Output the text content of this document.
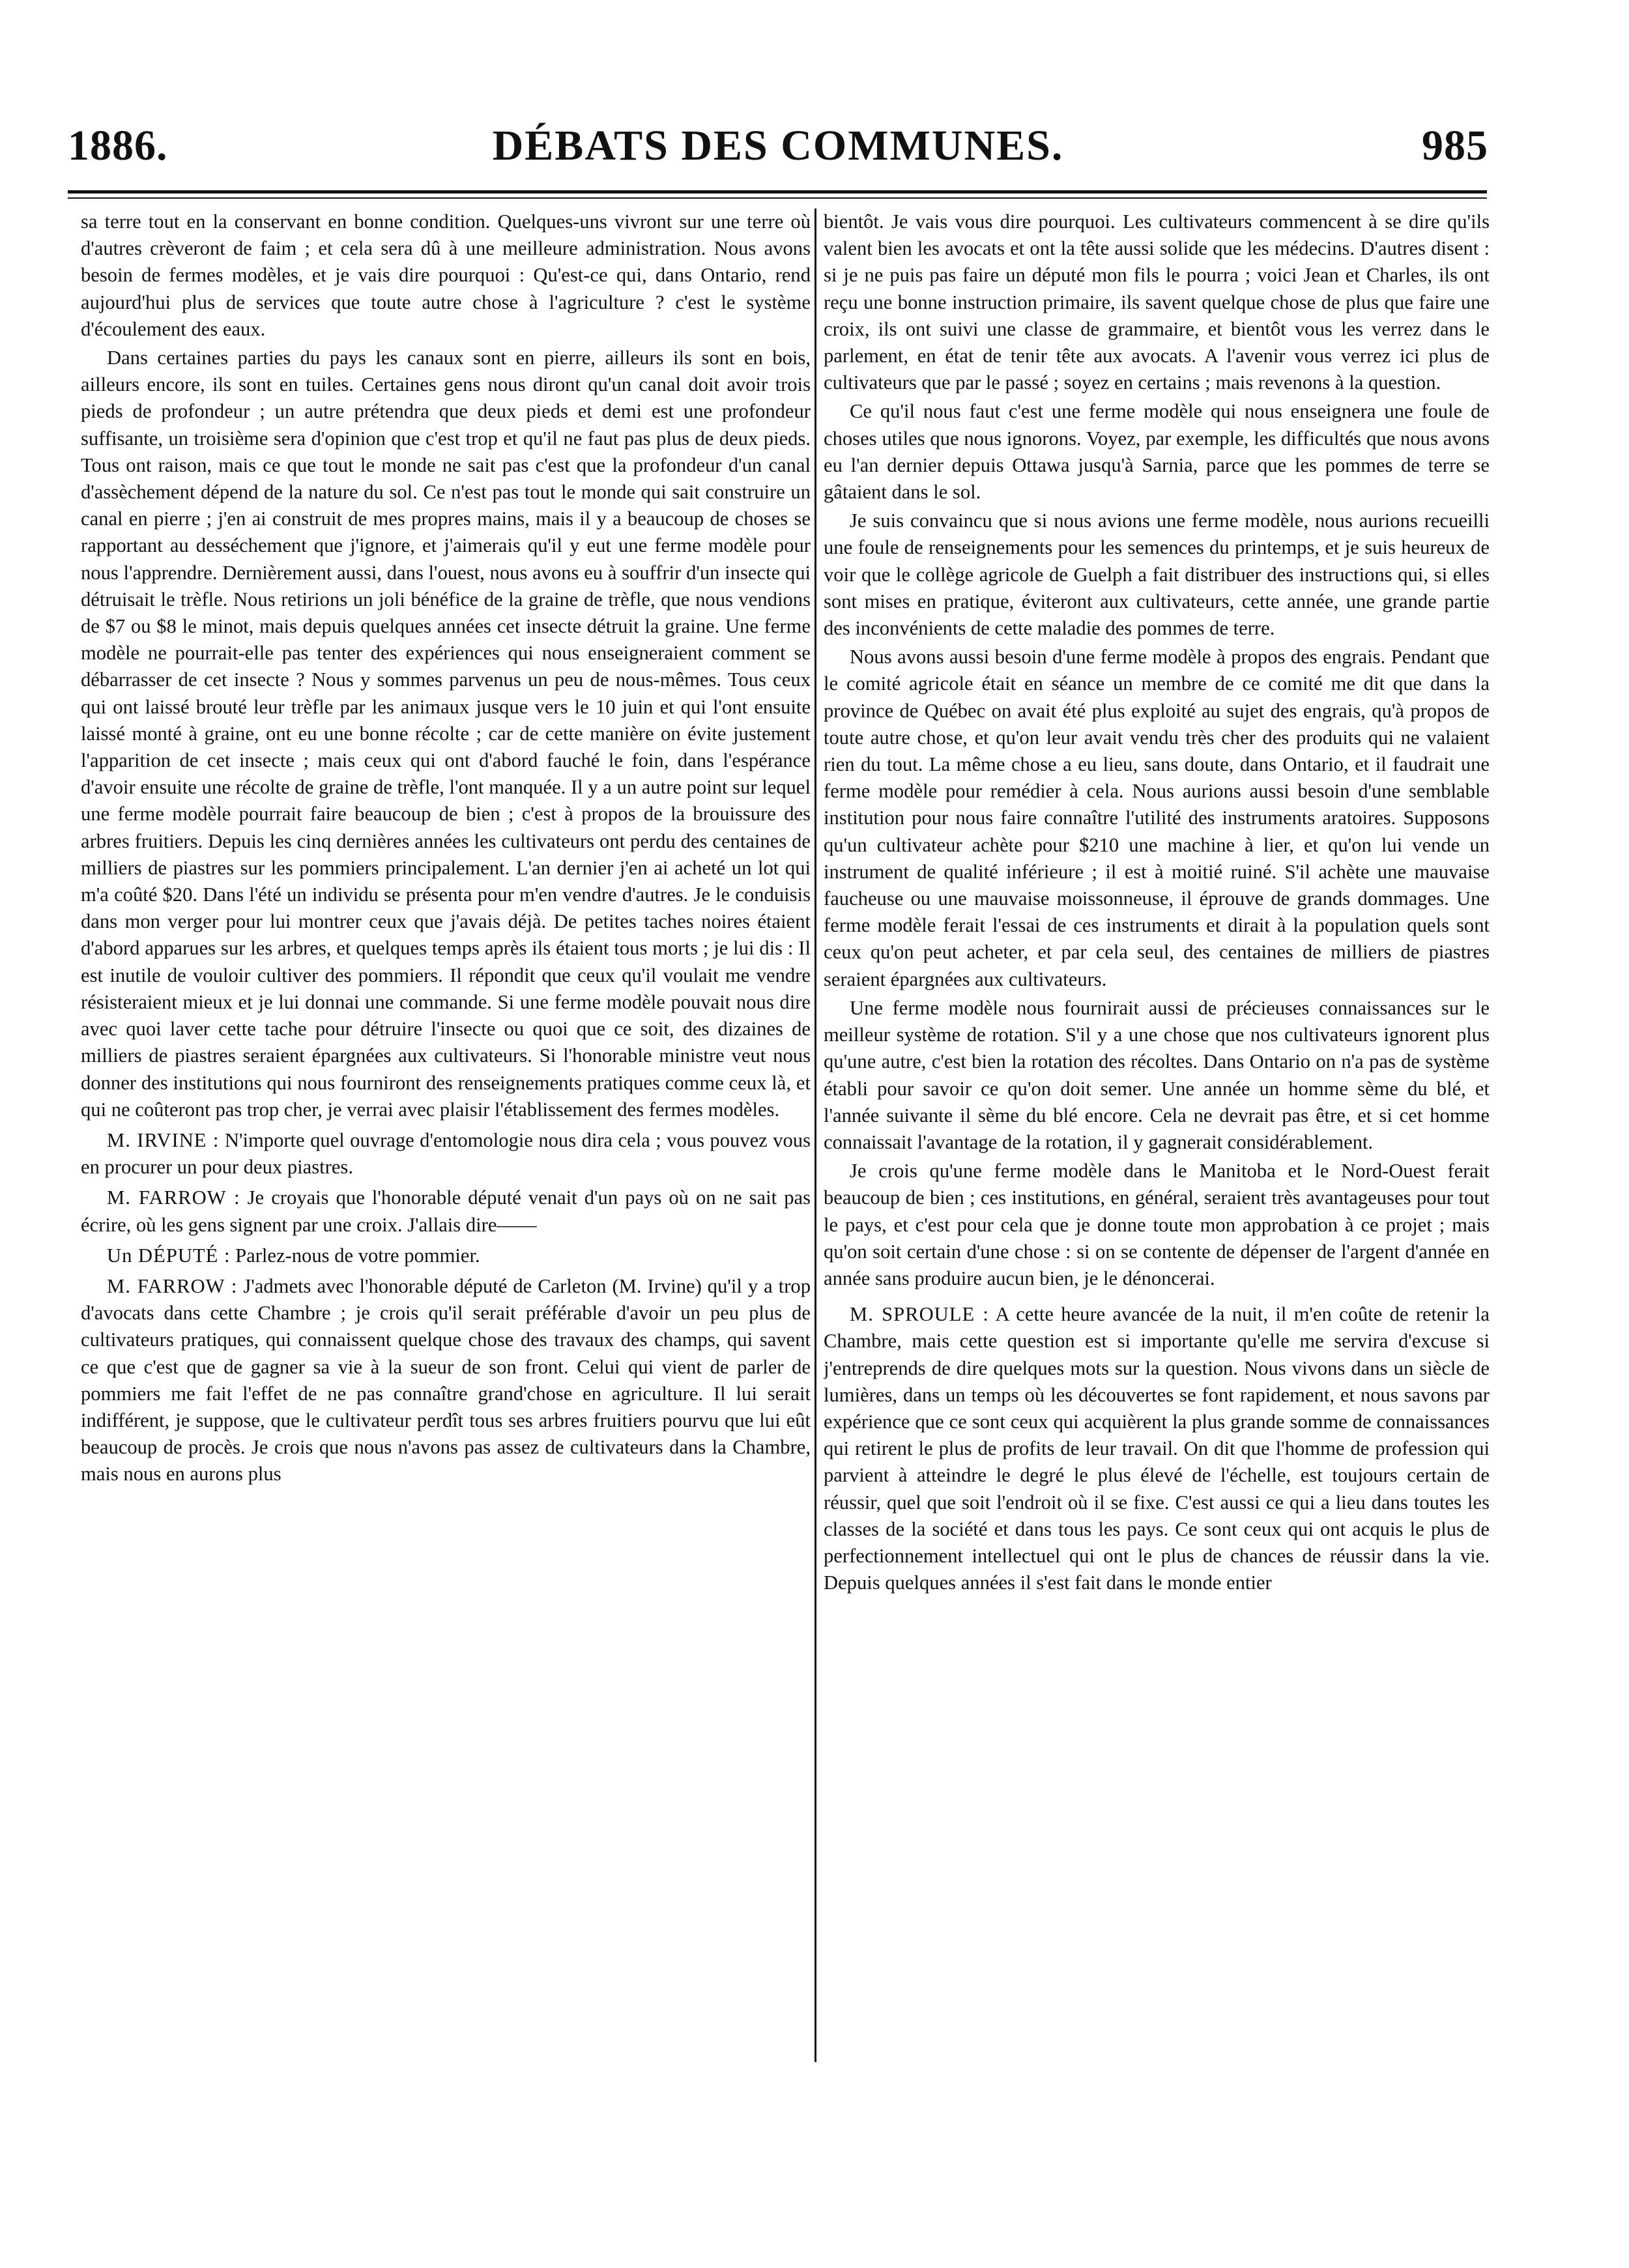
1886.	DÉBATS DES COMMUNES.	985

sa terre tout en la conservant en bonne condition. Quelques-uns vivront sur une terre où d'autres crèveront de faim ; et cela sera dû à une meilleure administration. Nous avons besoin de fermes modèles, et je vais dire pourquoi : Qu'est-ce qui, dans Ontario, rend aujourd'hui plus de services que toute autre chose à l'agriculture ? c'est le système d'écoulement des eaux.

Dans certaines parties du pays les canaux sont en pierre, ailleurs ils sont en bois, ailleurs encore, ils sont en tuiles. Certaines gens nous diront qu'un canal doit avoir trois pieds de profondeur ; un autre prétendra que deux pieds et demi est une profondeur suffisante, un troisième sera d'opinion que c'est trop et qu'il ne faut pas plus de deux pieds. Tous ont raison, mais ce que tout le monde ne sait pas c'est que la profondeur d'un canal d'assèchement dépend de la nature du sol. Ce n'est pas tout le monde qui sait construire un canal en pierre ; j'en ai construit de mes propres mains, mais il y a beaucoup de choses se rapportant au desséchement que j'ignore, et j'aimerais qu'il y eut une ferme modèle pour nous l'apprendre. Dernièrement aussi, dans l'ouest, nous avons eu à souffrir d'un insecte qui détruisait le trèfle. Nous retirions un joli bénéfice de la graine de trèfle, que nous vendions de $7 ou $8 le minot, mais depuis quelques années cet insecte détruit la graine. Une ferme modèle ne pourrait-elle pas tenter des expériences qui nous enseigneraient comment se débarrasser de cet insecte ? Nous y sommes parvenus un peu de nous-mêmes. Tous ceux qui ont laissé brouté leur trèfle par les animaux jusque vers le 10 juin et qui l'ont ensuite laissé monté à graine, ont eu une bonne récolte ; car de cette manière on évite justement l'apparition de cet insecte ; mais ceux qui ont d'abord fauché le foin, dans l'espérance d'avoir ensuite une récolte de graine de trèfle, l'ont manquée. Il y a un autre point sur lequel une ferme modèle pourrait faire beaucoup de bien ; c'est à propos de la brouissure des arbres fruitiers. Depuis les cinq dernières années les cultivateurs ont perdu des centaines de milliers de piastres sur les pommiers principalement. L'an dernier j'en ai acheté un lot qui m'a coûté $20. Dans l'été un individu se présenta pour m'en vendre d'autres. Je le conduisis dans mon verger pour lui montrer ceux que j'avais déjà. De petites taches noires étaient d'abord apparues sur les arbres, et quelques temps après ils étaient tous morts ; je lui dis : Il est inutile de vouloir cultiver des pommiers. Il répondit que ceux qu'il voulait me vendre résisteraient mieux et je lui donnai une commande. Si une ferme modèle pouvait nous dire avec quoi laver cette tache pour détruire l'insecte ou quoi que ce soit, des dizaines de milliers de piastres seraient épargnées aux cultivateurs. Si l'honorable ministre veut nous donner des institutions qui nous fourniront des renseignements pratiques comme ceux là, et qui ne coûteront pas trop cher, je verrai avec plaisir l'établissement des fermes modèles.

M. IRVINE : N'importe quel ouvrage d'entomologie nous dira cela ; vous pouvez vous en procurer un pour deux piastres.

M. FARROW : Je croyais que l'honorable député venait d'un pays où on ne sait pas écrire, où les gens signent par une croix. J'allais dire——

Un DÉPUTÉ : Parlez-nous de votre pommier.

M. FARROW : J'admets avec l'honorable député de Carleton (M. Irvine) qu'il y a trop d'avocats dans cette Chambre ; je crois qu'il serait préférable d'avoir un peu plus de cultivateurs pratiques, qui connaissent quelque chose des travaux des champs, qui savent ce que c'est que de gagner sa vie à la sueur de son front. Celui qui vient de parler de pommiers me fait l'effet de ne pas connaître grand'chose en agriculture. Il lui serait indifférent, je suppose, que le cultivateur perdît tous ses arbres fruitiers pourvu que lui eût beaucoup de procès. Je crois que nous n'avons pas assez de cultivateurs dans la Chambre, mais nous en aurons plus

bientôt. Je vais vous dire pourquoi. Les cultivateurs commencent à se dire qu'ils valent bien les avocats et ont la tête aussi solide que les médecins. D'autres disent : si je ne puis pas faire un député mon fils le pourra ; voici Jean et Charles, ils ont reçu une bonne instruction primaire, ils savent quelque chose de plus que faire une croix, ils ont suivi une classe de grammaire, et bientôt vous les verrez dans le parlement, en état de tenir tête aux avocats. A l'avenir vous verrez ici plus de cultivateurs que par le passé ; soyez en certains ; mais revenons à la question.

Ce qu'il nous faut c'est une ferme modèle qui nous enseignera une foule de choses utiles que nous ignorons. Voyez, par exemple, les difficultés que nous avons eu l'an dernier depuis Ottawa jusqu'à Sarnia, parce que les pommes de terre se gâtaient dans le sol.

Je suis convaincu que si nous avions une ferme modèle, nous aurions recueilli une foule de renseignements pour les semences du printemps, et je suis heureux de voir que le collège agricole de Guelph a fait distribuer des instructions qui, si elles sont mises en pratique, éviteront aux cultivateurs, cette année, une grande partie des inconvénients de cette maladie des pommes de terre.

Nous avons aussi besoin d'une ferme modèle à propos des engrais. Pendant que le comité agricole était en séance un membre de ce comité me dit que dans la province de Québec on avait été plus exploité au sujet des engrais, qu'à propos de toute autre chose, et qu'on leur avait vendu très cher des produits qui ne valaient rien du tout. La même chose a eu lieu, sans doute, dans Ontario, et il faudrait une ferme modèle pour remédier à cela. Nous aurions aussi besoin d'une semblable institution pour nous faire connaître l'utilité des instruments aratoires. Supposons qu'un cultivateur achète pour $210 une machine à lier, et qu'on lui vende un instrument de qualité inférieure ; il est à moitié ruiné. S'il achète une mauvaise faucheuse ou une mauvaise moissonneuse, il éprouve de grands dommages. Une ferme modèle ferait l'essai de ces instruments et dirait à la population quels sont ceux qu'on peut acheter, et par cela seul, des centaines de milliers de piastres seraient épargnées aux cultivateurs.

Une ferme modèle nous fournirait aussi de précieuses connaissances sur le meilleur système de rotation. S'il y a une chose que nos cultivateurs ignorent plus qu'une autre, c'est bien la rotation des récoltes. Dans Ontario on n'a pas de système établi pour savoir ce qu'on doit semer. Une année un homme sème du blé, et l'année suivante il sème du blé encore. Cela ne devrait pas être, et si cet homme connaissait l'avantage de la rotation, il y gagnerait considérablement.

Je crois qu'une ferme modèle dans le Manitoba et le Nord-Ouest ferait beaucoup de bien ; ces institutions, en général, seraient très avantageuses pour tout le pays, et c'est pour cela que je donne toute mon approbation à ce projet ; mais qu'on soit certain d'une chose : si on se contente de dépenser de l'argent d'année en année sans produire aucun bien, je le dénoncerai.

M. SPROULE : A cette heure avancée de la nuit, il m'en coûte de retenir la Chambre, mais cette question est si importante qu'elle me servira d'excuse si j'entreprends de dire quelques mots sur la question. Nous vivons dans un siècle de lumières, dans un temps où les découvertes se font rapidement, et nous savons par expérience que ce sont ceux qui acquièrent la plus grande somme de connaissances qui retirent le plus de profits de leur travail. On dit que l'homme de profession qui parvient à atteindre le degré le plus élevé de l'échelle, est toujours certain de réussir, quel que soit l'endroit où il se fixe. C'est aussi ce qui a lieu dans toutes les classes de la société et dans tous les pays. Ce sont ceux qui ont acquis le plus de perfectionnement intellectuel qui ont le plus de chances de réussir dans la vie. Depuis quelques années il s'est fait dans le monde entier
